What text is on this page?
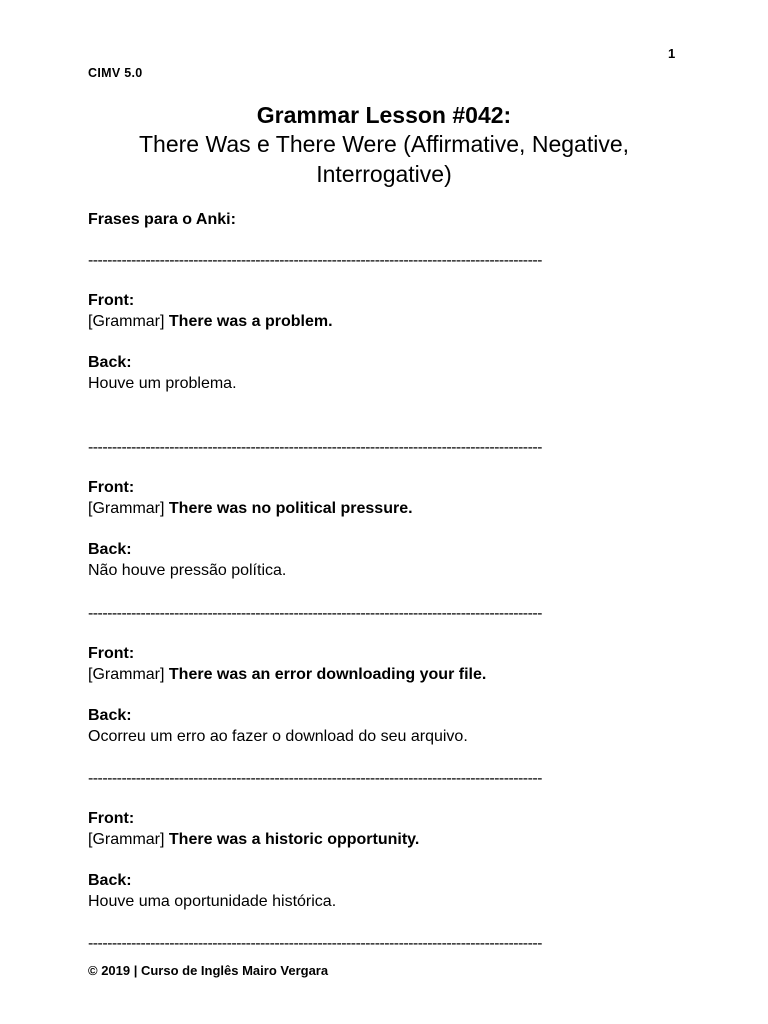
1
CIMV 5.0
Grammar Lesson #042:
There Was e There Were (Affirmative, Negative, Interrogative)
Frases para o Anki:
-----------------------------------------------------------------------------------------------
Front:
[Grammar] There was a problem.
Back:
Houve um problema.
-----------------------------------------------------------------------------------------------
Front:
[Grammar] There was no political pressure.
Back:
Não houve pressão política.
-----------------------------------------------------------------------------------------------
Front:
[Grammar] There was an error downloading your file.
Back:
Ocorreu um erro ao fazer o download do seu arquivo.
-----------------------------------------------------------------------------------------------
Front:
[Grammar] There was a historic opportunity.
Back:
Houve uma oportunidade histórica.
-----------------------------------------------------------------------------------------------
© 2019 | Curso de Inglês Mairo Vergara
